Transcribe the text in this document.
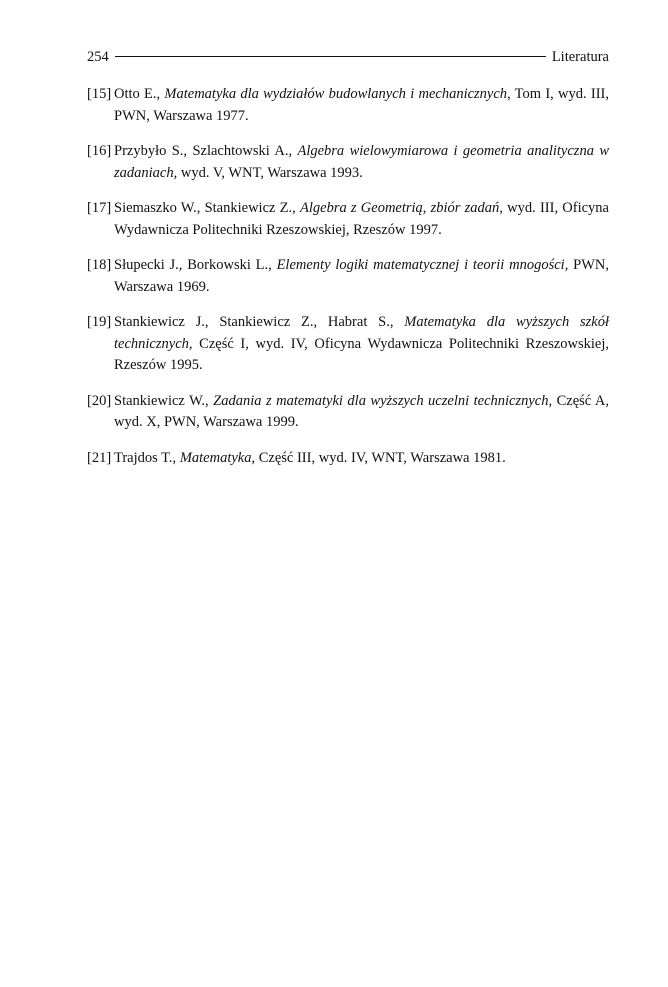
254	Literatura
[15] Otto E., Matematyka dla wydziałów budowlanych i mechanicznych, Tom I, wyd. III, PWN, Warszawa 1977.
[16] Przybyło S., Szlachtowski A., Algebra wielowymiarowa i geometria analityczna w zadaniach, wyd. V, WNT, Warszawa 1993.
[17] Siemaszko W., Stankiewicz Z., Algebra z Geometrią, zbiór zadań, wyd. III, Oficyna Wydawnicza Politechniki Rzeszowskiej, Rzeszów 1997.
[18] Słupecki J., Borkowski L., Elementy logiki matematycznej i teorii mnogości, PWN, Warszawa 1969.
[19] Stankiewicz J., Stankiewicz Z., Habrat S., Matematyka dla wyższych szkół technicznych, Część I, wyd. IV, Oficyna Wydawnicza Politechniki Rzeszowskiej, Rzeszów 1995.
[20] Stankiewicz W., Zadania z matematyki dla wyższych uczelni technicznych, Część A, wyd. X, PWN, Warszawa 1999.
[21] Trajdos T., Matematyka, Część III, wyd. IV, WNT, Warszawa 1981.
